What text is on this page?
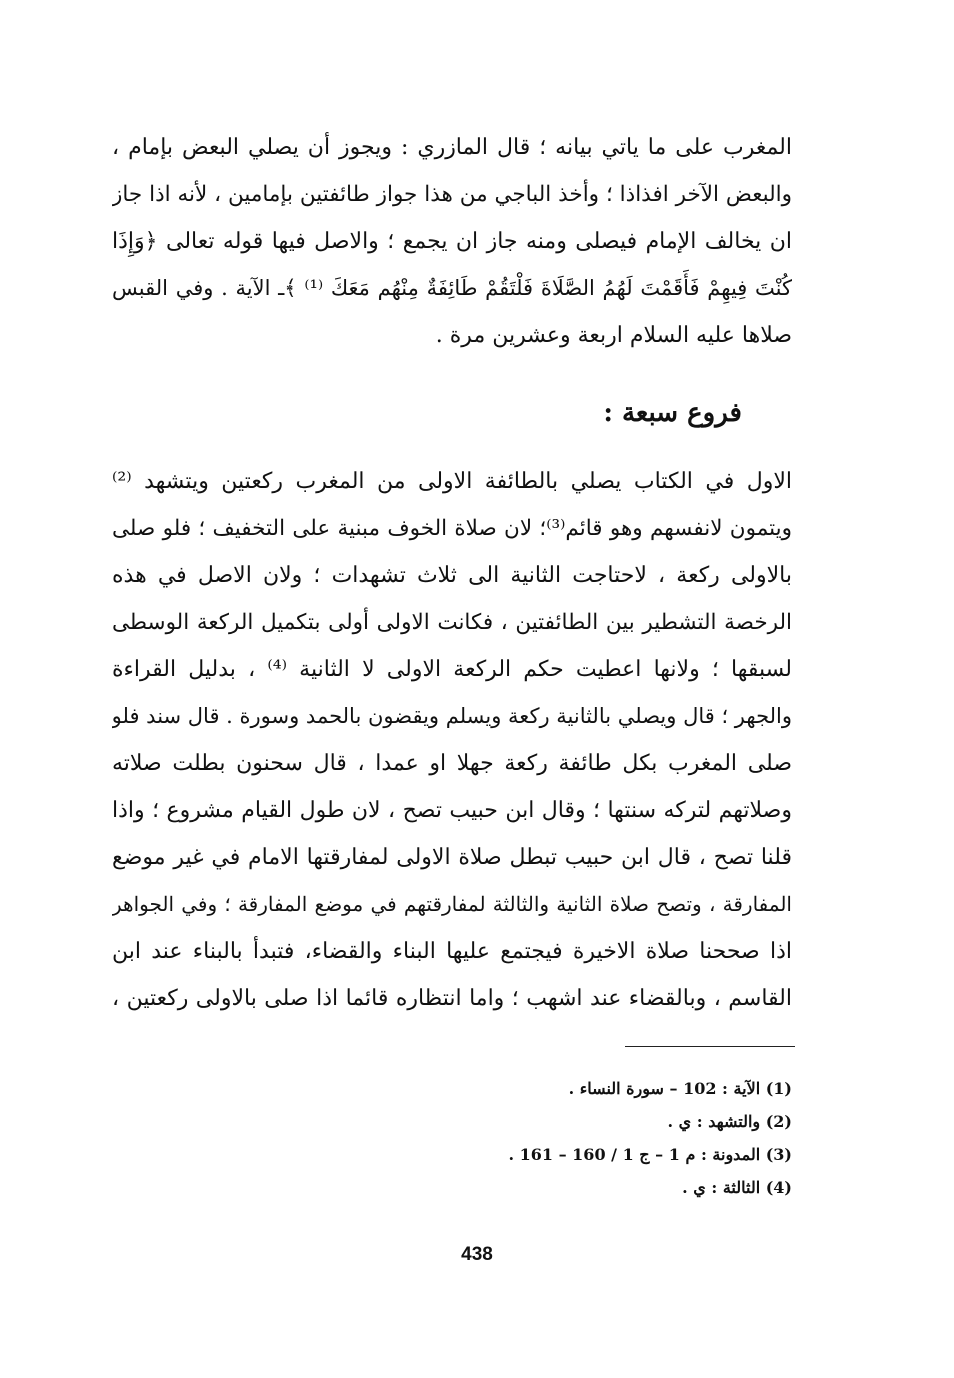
المغرب على ما ياتي بيانه ؛ قال المازري : ويجوز أن يصلي البعض بإمام ،
والبعض الآخر افذاذا ؛ وأخذ الباجي من هذا جواز طائفتين بإمامين ، لأنه اذا جاز
ان يخالف الإمام فيصلى ومنه جاز ان يجمع ؛ والاصل فيها قوله تعالى ﴿وَإِذَا
كُنْتَ فِيهِمْ فَأَقَمْتَ لَهُمُ الصَّلَاةَ فَلْتَقُمْ طَائِفَةٌ مِنْهُم مَعَكَ ⁽¹⁾ ﴾ـ الآية . وفي القبس
صلاها عليه السلام اربعة وعشرين مرة .
فروع سبعة :
الاول في الكتاب يصلي بالطائفة الاولى من المغرب ركعتين ويتشهد ⁽²⁾
ويتمون لانفسهم وهو قائم⁽³⁾؛ لان صلاة الخوف مبنية على التخفيف ؛ فلو صلى
بالاولى ركعة ، لاحتاجت الثانية الى ثلاث تشهدات ؛ ولان الاصل في هذه
الرخصة التشطير بين الطائفتين ، فكانت الاولى أولى بتكميل الركعة الوسطى
لسبقها ؛ ولانها اعطيت حكم الركعة الاولى لا الثانية ⁽⁴⁾ ، بدليل القراءة
والجهر ؛ قال ويصلي بالثانية ركعة ويسلم ويقضون بالحمد وسورة . قال سند فلو
صلى المغرب بكل طائفة ركعة جهلا او عمدا ، قال سحنون بطلت صلاته
وصلاتهم لتركه سنتها ؛ وقال ابن حبيب تصح ، لان طول القيام مشروع ؛ واذا
قلنا تصح ، قال ابن حبيب تبطل صلاة الاولى لمفارقتها الامام في غير موضع
المفارقة ، وتصح صلاة الثانية والثالثة لمفارقتهم في موضع المفارقة ؛ وفي الجواهر
اذا صححنا صلاة الاخيرة فيجتمع عليها البناء والقضاء، فتبدأ بالبناء عند ابن
القاسم ، وبالقضاء عند اشهب ؛ واما انتظاره قائما اذا صلى بالاولى ركعتين ،
(1) الآية : 102 – سورة النساء .
(2) والتشهد : ي .
(3) المدونة : م 1 – ج 1 / 160 – 161 .
(4) الثالثة : ي .
438
